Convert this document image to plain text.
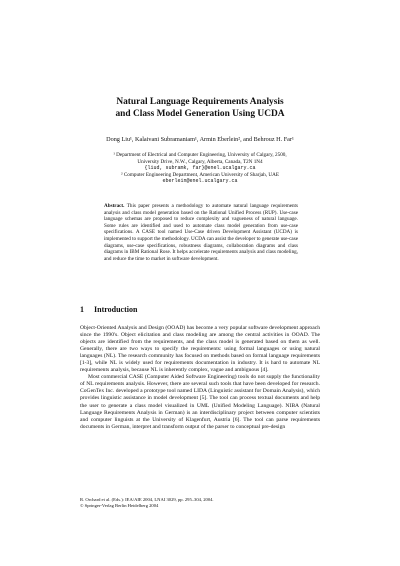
Natural Language Requirements Analysis
and Class Model Generation Using UCDA
Dong Liu¹, Kalaivani Subramaniam¹, Armin Eberlein², and Behrouz H. Far¹
¹ Department of Electrical and Computer Engineering, University of Calgary, 2500,
University Drive, N.W., Calgary, Alberta, Canada, T2N 1N4
{liud, subramk, far}@enel.ucalgary.ca
² Computer Engineering Department, American University of Sharjah, UAE
eberlein@enel.ucalgary.ca
Abstract. This paper presents a methodology to automate natural language requirements analysis and class model generation based on the Rational Unified Process (RUP). Use-case language schemas are proposed to reduce complexity and vagueness of natural language. Some rules are identified and used to automate class model generation from use-case specifications. A CASE tool named Use-Case driven Development Assistant (UCDA) is implemented to support the methodology. UCDA can assist the developer to generate use-case diagrams, use-case specifications, robustness diagrams, collaboration diagrams and class diagrams in IBM Rational Rose. It helps accelerate requirements analysis and class modeling, and reduce the time to market in software development.
1 Introduction

Object-Oriented Analysis and Design (OOAD) has become a very popular software development approach since the 1990's. Object elicitation and class modeling are among the central activities in OOAD. The objects are identified from the requirements, and the class model is generated based on them as well. Generally, there are two ways to specify the requirements: using formal languages or using natural languages (NL). The research community has focused on methods based on formal language requirements [1-3], while NL is widely used for requirements documentation in industry. It is hard to automate NL requirements analysis, because NL is inherently complex, vague and ambiguous [4].

Most commercial CASE (Computer Aided Software Engineering) tools do not supply the functionality of NL requirements analysis. However, there are several such tools that have been developed for research. CoGenTex Inc. developed a prototype tool named LIDA (Linguistic assistant for Domain Analysis), which provides linguistic assistance in model development [5]. The tool can process textual documents and help the user to generate a class model visualized in UML (Unified Modeling Language). NIBA (Natural Language Requirements Analysis in German) is an interdisciplinary project between computer scientists and computer linguists at the University of Klagenfurt, Austria [6]. The tool can parse requirements documents in German, interpret and transform output of the parser to conceptual pre-design

R. Orchard et al. (Eds.): IEA/AIE 2004, LNAI 3029, pp. 295–304, 2004.
© Springer-Verlag Berlin Heidelberg 2004
